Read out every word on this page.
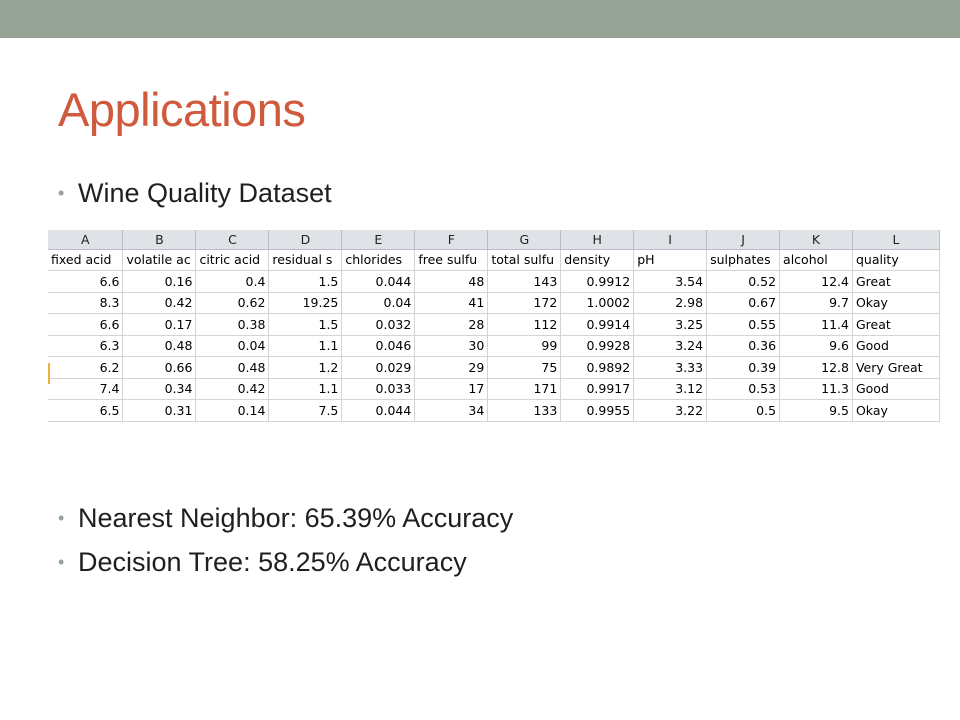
Applications
• Wine Quality Dataset
A	B	C	D	E	F	G	H	I	J	K	L
fixed acid	volatile ac	citric acid	residual s	chlorides	free sulfu	total sulfu	density	pH	sulphates	alcohol	quality
6.6	0.16	0.4	1.5	0.044	48	143	0.9912	3.54	0.52	12.4	Great
8.3	0.42	0.62	19.25	0.04	41	172	1.0002	2.98	0.67	9.7	Okay
6.6	0.17	0.38	1.5	0.032	28	112	0.9914	3.25	0.55	11.4	Great
6.3	0.48	0.04	1.1	0.046	30	99	0.9928	3.24	0.36	9.6	Good
6.2	0.66	0.48	1.2	0.029	29	75	0.9892	3.33	0.39	12.8	Very Great
7.4	0.34	0.42	1.1	0.033	17	171	0.9917	3.12	0.53	11.3	Good
6.5	0.31	0.14	7.5	0.044	34	133	0.9955	3.22	0.5	9.5	Okay
• Nearest Neighbor: 65.39% Accuracy
• Decision Tree: 58.25% Accuracy
